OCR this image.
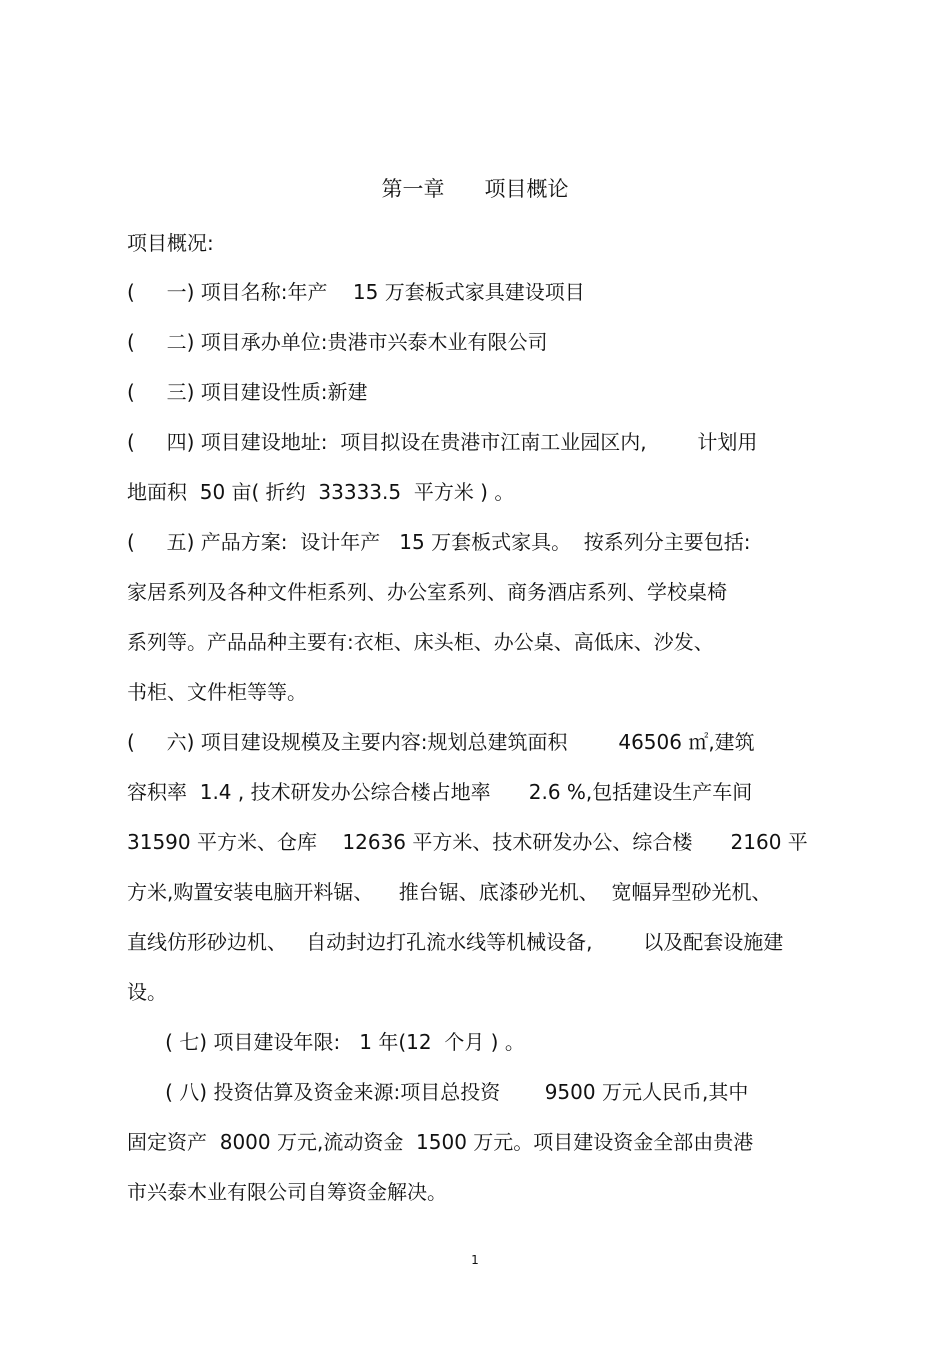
第一章      项目概论
项目概况:
(     一) 项目名称:年产    15 万套板式家具建设项目
(     二) 项目承办单位:贵港市兴泰木业有限公司
(     三) 项目建设性质:新建
(     四) 项目建设地址:  项目拟设在贵港市江南工业园区内,        计划用
地面积  50 亩( 折约  33333.5  平方米 ) 。
(     五) 产品方案:  设计年产   15 万套板式家具。  按系列分主要包括:
家居系列及各种文件柜系列、办公室系列、商务酒店系列、学校桌椅
系列等。产品品种主要有:衣柜、床头柜、办公桌、高低床、沙发、
书柜、文件柜等等。
(     六) 项目建设规模及主要内容:规划总建筑面积        46506 ㎡,建筑
容积率  1.4 , 技术研发办公综合楼占地率      2.6 %,包括建设生产车间
31590 平方米、仓库    12636 平方米、技术研发办公、综合楼      2160 平
方米,购置安装电脑开料锯、    推台锯、底漆砂光机、  宽幅异型砂光机、
直线仿形砂边机、   自动封边打孔流水线等机械设备,        以及配套设施建
设。
( 七) 项目建设年限:   1 年(12  个月 ) 。
( 八) 投资估算及资金来源:项目总投资       9500 万元人民币,其中
固定资产  8000 万元,流动资金  1500 万元。项目建设资金全部由贵港
市兴泰木业有限公司自筹资金解决。
1
